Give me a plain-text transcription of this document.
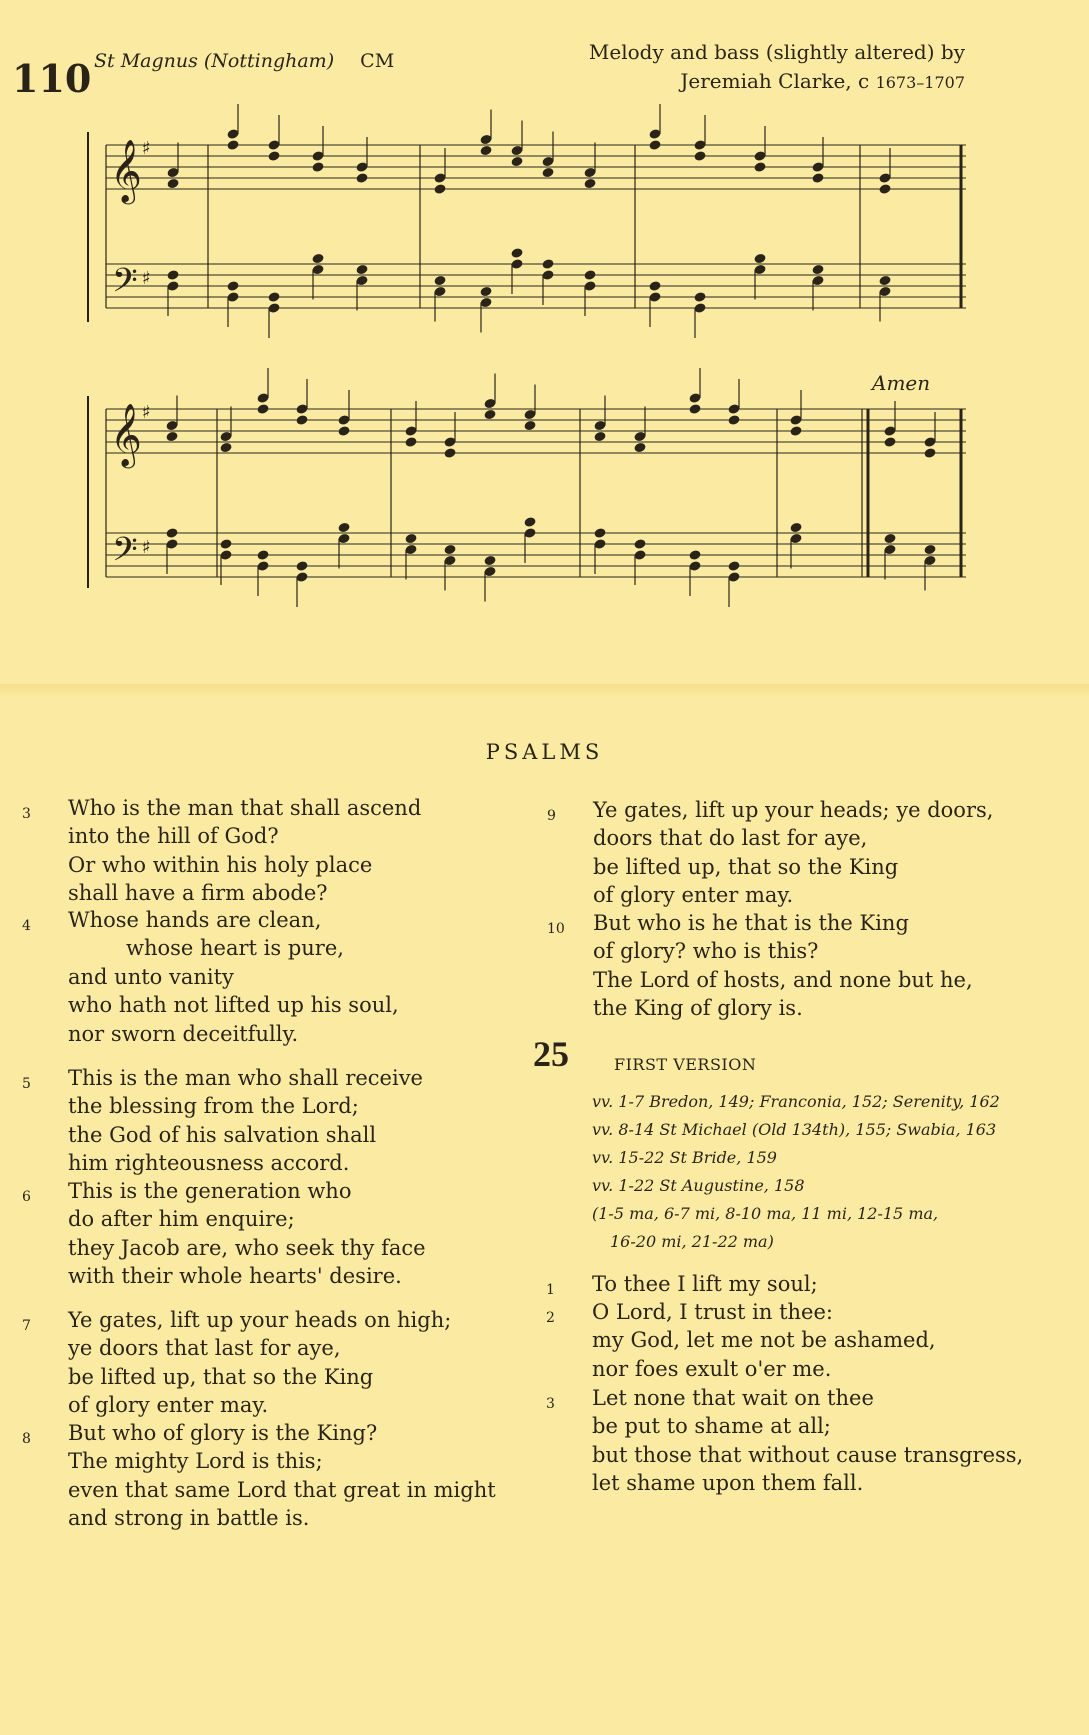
110 St Magnus (Nottingham) CM	Melody and bass (slightly altered) by
Jeremiah Clarke, c 1673–1707
𝄞 ♯
𝄢 ♯
𝄞 ♯
𝄢 ♯
Amen
PSALMS
3 Who is the man that shall ascend
into the hill of God?
Or who within his holy place
shall have a firm abode?
4 Whose hands are clean,
whose heart is pure,
and unto vanity
who hath not lifted up his soul,
nor sworn deceitfully.
5 This is the man who shall receive
the blessing from the Lord;
the God of his salvation shall
him righteousness accord.
6 This is the generation who
do after him enquire;
they Jacob are, who seek thy face
with their whole hearts' desire.
7 Ye gates, lift up your heads on high;
ye doors that last for aye,
be lifted up, that so the King
of glory enter may.
8 But who of glory is the King?
The mighty Lord is this;
even that same Lord that great in might
and strong in battle is.
9 Ye gates, lift up your heads; ye doors,
doors that do last for aye,
be lifted up, that so the King
of glory enter may.
10 But who is he that is the King
of glory? who is this?
The Lord of hosts, and none but he,
the King of glory is.
25	FIRST VERSION
vv. 1-7 Bredon, 149; Franconia, 152; Serenity, 162
vv. 8-14 St Michael (Old 134th), 155; Swabia, 163
vv. 15-22 St Bride, 159
vv. 1-22 St Augustine, 158
(1-5 ma, 6-7 mi, 8-10 ma, 11 mi, 12-15 ma,
16-20 mi, 21-22 ma)
1 To thee I lift my soul;
2 O Lord, I trust in thee:
my God, let me not be ashamed,
nor foes exult o'er me.
3 Let none that wait on thee
be put to shame at all;
but those that without cause transgress,
let shame upon them fall.
